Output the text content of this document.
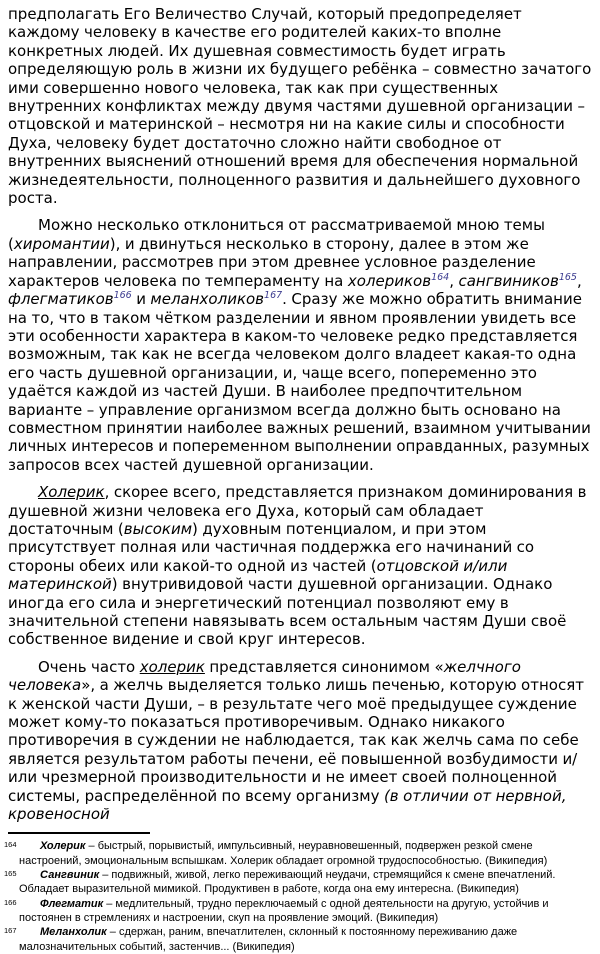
предполагать Его Величество Случай, который предопределяет каждому человеку в качестве его родителей каких-то вполне конкретных людей. Их душевная совместимость будет играть определяющую роль в жизни их будущего ребёнка – совместно зачатого ими совершенно нового человека, так как при существенных внутренних конфликтах между двумя частями душевной организации – отцовской и материнской – несмотря ни на какие силы и способности Духа, человеку будет достаточно сложно найти свободное от внутренних выяснений отношений время для обеспечения нормальной жизнедеятельности, полноценного развития и дальнейшего духовного роста.

Можно несколько отклониться от рассматриваемой мною темы (хиромантии), и двинуться несколько в сторону, далее в этом же направлении, рассмотрев при этом древнее условное разделение характеров человека по темпераменту на холериков$^{164}$, сангвиников$^{165}$, флегматиков$^{166}$ и меланхоликов$^{167}$. Сразу же можно обратить внимание на то, что в таком чётком разделении и явном проявлении увидеть все эти особенности характера в каком-то человеке редко представляется возможным, так как не всегда человеком долго владеет какая-то одна его часть душевной организации, и, чаще всего, попеременно это удаётся каждой из частей Души. В наиболее предпочтительном варианте – управление организмом всегда должно быть основано на совместном принятии наиболее важных решений, взаимном учитывании личных интересов и попеременном выполнении оправданных, разумных запросов всех частей душевной организации.

Холерик, скорее всего, представляется признаком доминирования в душевной жизни человека его Духа, который сам обладает достаточным (высоким) духовным потенциалом, и при этом присутствует полная или частичная поддержка его начинаний со стороны обеих или какой-то одной из частей (отцовской и/или материнской) внутривидовой части душевной организации. Однако иногда его сила и энергетический потенциал позволяют ему в значительной степени навязывать всем остальным частям Души своё собственное видение и свой круг интересов.

Очень часто холерик представляется синонимом «желчного человека», а желчь выделяется только лишь печенью, которую относят к женской части Души, – в результате чего моё предыдущее суждение может кому-то показаться противоречивым. Однако никакого противоречия в суждении не наблюдается, так как желчь сама по себе является результатом работы печени, её повышенной возбудимости и/или чрезмерной производительности и не имеет своей полноценной системы, распределённой по всему организму (в отличии от нервной, кровеносной

164 Холерик – быстрый, порывистый, импульсивный, неуравновешенный, подвержен резкой смене настроений, эмоциональным вспышкам. Холерик обладает огромной трудоспособностью. (Википедия)
165 Сангвиник – подвижный, живой, легко переживающий неудачи, стремящийся к смене впечатлений. Обладает выразительной мимикой. Продуктивен в работе, когда она ему интересна. (Википедия)
166 Флегматик – медлительный, трудно переключаемый с одной деятельности на другую, устойчив и постоянен в стремлениях и настроении, скуп на проявление эмоций. (Википедия)
167 Меланхолик – сдержан, раним, впечатлителен, склонный к постоянному переживанию даже малозначительных событий, застенчив... (Википедия)
